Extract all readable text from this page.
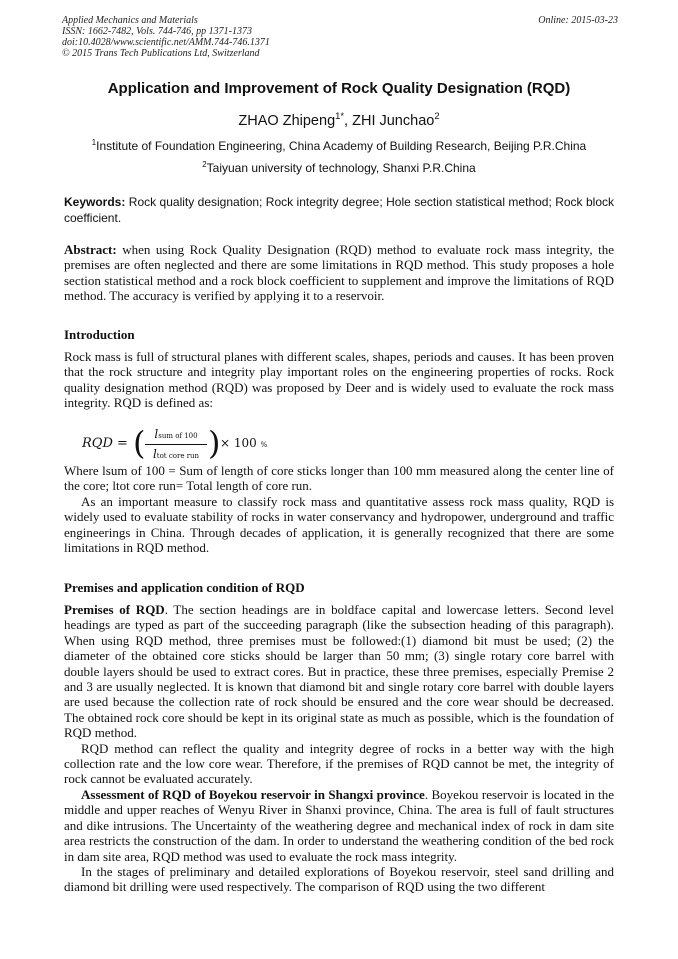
Applied Mechanics and Materials
ISSN: 1662-7482, Vols. 744-746, pp 1371-1373
doi:10.4028/www.scientific.net/AMM.744-746.1371
© 2015 Trans Tech Publications Ltd, Switzerland
Online: 2015-03-23
Application and Improvement of Rock Quality Designation (RQD)
ZHAO Zhipeng$^{1*}$, ZHI Junchao$^2$
$^1$Institute of Foundation Engineering, China Academy of Building Research, Beijing P.R.China
$^2$Taiyuan university of technology, Shanxi P.R.China
Keywords: Rock quality designation; Rock integrity degree; Hole section statistical method; Rock block coefficient.
Abstract: when using Rock Quality Designation (RQD) method to evaluate rock mass integrity, the premises are often neglected and there are some limitations in RQD method. This study proposes a hole section statistical method and a rock block coefficient to supplement and improve the limitations of RQD method. The accuracy is verified by applying it to a reservoir.
Introduction

Rock mass is full of structural planes with different scales, shapes, periods and causes. It has been proven that the rock structure and integrity play important roles on the engineering properties of rocks. Rock quality designation method (RQD) was proposed by Deer and is widely used to evaluate the rock mass integrity. RQD is defined as:

RQD = ( lsum of 100
ltot core run ) × 100 %

Where lsum of 100 = Sum of length of core sticks longer than 100 mm measured along the center line of the core; ltot core run= Total length of core run.

As an important measure to classify rock mass and quantitative assess rock mass quality, RQD is widely used to evaluate stability of rocks in water conservancy and hydropower, underground and traffic engineerings in China. Through decades of application, it is generally recognized that there are some limitations in RQD method.

Premises and application condition of RQD

Premises of RQD. The section headings are in boldface capital and lowercase letters. Second level headings are typed as part of the succeeding paragraph (like the subsection heading of this paragraph). When using RQD method, three premises must be followed:(1) diamond bit must be used; (2) the diameter of the obtained core sticks should be larger than 50 mm; (3) single rotary core barrel with double layers should be used to extract cores. But in practice, these three premises, especially Premise 2 and 3 are usually neglected. It is known that diamond bit and single rotary core barrel with double layers are used because the collection rate of rock should be ensured and the core wear should be decreased. The obtained rock core should be kept in its original state as much as possible, which is the foundation of RQD method.

RQD method can reflect the quality and integrity degree of rocks in a better way with the high collection rate and the low core wear. Therefore, if the premises of RQD cannot be met, the integrity of rock cannot be evaluated accurately.

Assessment of RQD of Boyekou reservoir in Shangxi province. Boyekou reservoir is located in the middle and upper reaches of Wenyu River in Shanxi province, China. The area is full of fault structures and dike intrusions. The Uncertainty of the weathering degree and mechanical index of rock in dam site area restricts the construction of the dam. In order to understand the weathering condition of the bed rock in dam site area, RQD method was used to evaluate the rock mass integrity.

In the stages of preliminary and detailed explorations of Boyekou reservoir, steel sand drilling and diamond bit drilling were used respectively. The comparison of RQD using the two different
